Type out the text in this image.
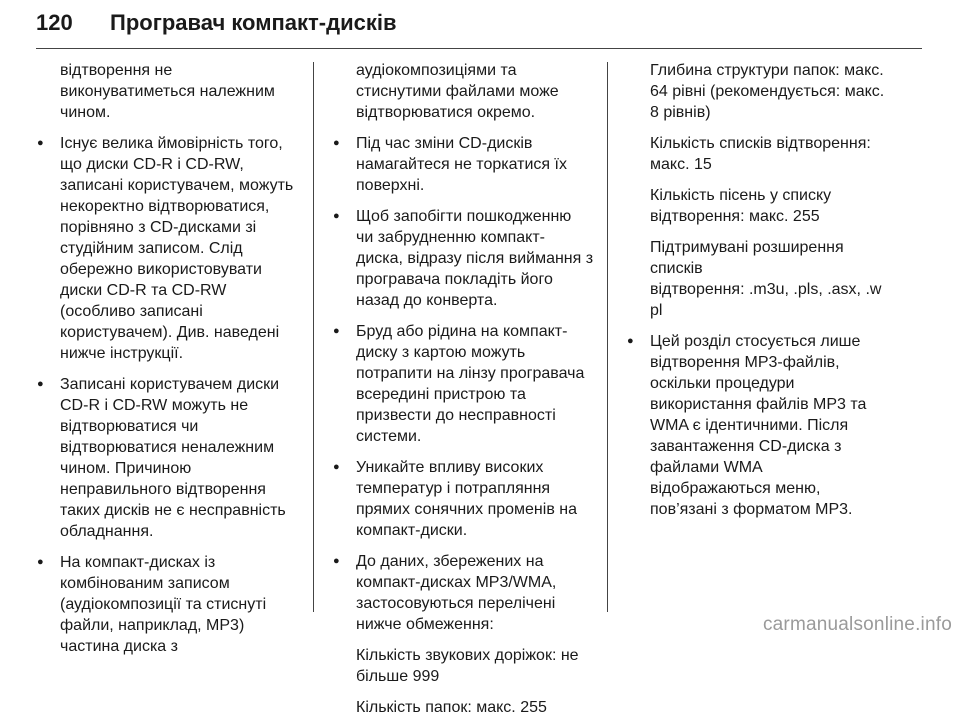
120 Програвач компакт-дисків
відтворення не
виконуватиметься належним
чином.
● Існує велика ймовірність того,
що диски CD-R і CD-RW,
записані користувачем, можуть
некоректно відтворюватися,
порівняно з CD-дисками зі
студійним записом. Слід
обережно використовувати
диски CD-R та CD-RW
(особливо записані
користувачем). Див. наведені
нижче інструкції.
● Записані користувачем диски
CD-R і CD-RW можуть не
відтворюватися чи
відтворюватися неналежним
чином. Причиною
неправильного відтворення
таких дисків не є несправність
обладнання.
● На компакт-дисках із
комбінованим записом
(аудіокомпозиції та стиснуті
файли, наприклад, MP3)
частина диска з
аудіокомпозиціями та
стиснутими файлами може
відтворюватися окремо.
● Під час зміни CD-дисків
намагайтеся не торкатися їх
поверхні.
● Щоб запобігти пошкодженню
чи забрудненню компакт-
диска, відразу після виймання з
програвача покладіть його
назад до конверта.
● Бруд або рідина на компакт-
диску з картою можуть
потрапити на лінзу програвача
всередині пристрою та
призвести до несправності
системи.
● Уникайте впливу високих
температур і потрапляння
прямих сонячних променів на
компакт-диски.
● До даних, збережених на
компакт-дисках MP3/WMA,
застосовуються перелічені
нижче обмеження:
Кількість звукових доріжок: не
більше 999
Кількість папок: макс. 255
Глибина структури папок: макс.
64 рівні (рекомендується: макс.
8 рівнів)
Кількість списків відтворення:
макс. 15
Кількість пісень у списку
відтворення: макс. 255
Підтримувані розширення
списків
відтворення: .m3u, .pls, .asx, .w
pl
● Цей розділ стосується лише
відтворення MP3-файлів,
оскільки процедури
використання файлів MP3 та
WMA є ідентичними. Після
завантаження CD-диска з
файлами WMA
відображаються меню,
пов’язані з форматом MP3.
carmanualsonline.info
